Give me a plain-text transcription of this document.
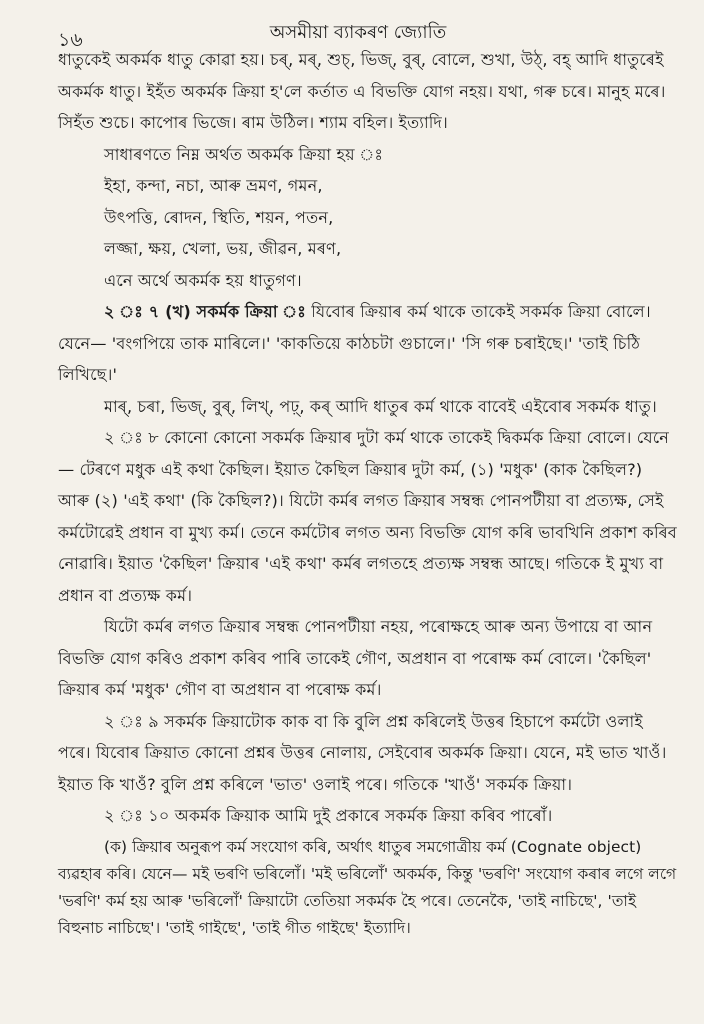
১৬	অসমীয়া ব্যাকৰণ জ্যোতি

ধাতুকেই অকৰ্মক ধাতু কোৱা হয়। চৰ্, মৰ্, শুচ্, ভিজ্, বুৰ্, বোলে, শুখা, উঠ্, বহ্ আদি ধাতুৰেই অকৰ্মক ধাতু। ইহঁত অকৰ্মক ক্ৰিয়া হ'লে কৰ্তাত এ বিভক্তি যোগ নহয়। যথা, গৰু চৰে। মানুহ মৰে। সিহঁত শুচে। কাপোৰ ভিজে। ৰাম উঠিল। শ্যাম বহিল। ইত্যাদি।

সাধাৰণতে নিম্ন অৰ্থত অকৰ্মক ক্ৰিয়া হয় ঃ
ইহা, কন্দা, নচা, আৰু ভ্ৰমণ, গমন,
উৎপত্তি, ৰোদন, স্থিতি, শয়ন, পতন,
লজ্জা, ক্ষয়, খেলা, ভয়, জীৱন, মৰণ,
এনে অৰ্থে অকৰ্মক হয় ধাতুগণ।

২ ঃ ৭ (খ) সকৰ্মক ক্ৰিয়া ঃ যিবোৰ ক্ৰিয়াৰ কৰ্ম থাকে তাকেই সকৰ্মক ক্ৰিয়া বোলে। যেনে— 'বংগপিয়ে তাক মাৰিলে।' 'কাকতিয়ে কাঠচটা গুচালে।' 'সি গৰু চৰাইছে।' 'তাই চিঠি লিখিছে।'

মাৰ্, চৰা, ভিজ্, বুৰ্, লিখ্, পঢ়্, কৰ্ আদি ধাতুৰ কৰ্ম থাকে বাবেই এইবোৰ সকৰ্মক ধাতু।

২ ঃ ৮ কোনো কোনো সকৰ্মক ক্ৰিয়াৰ দুটা কৰ্ম থাকে তাকেই দ্বিকৰ্মক ক্ৰিয়া বোলে। যেনে— টেৰণে মধুক এই কথা কৈছিল। ইয়াত কৈছিল ক্ৰিয়াৰ দুটা কৰ্ম, (১) 'মধুক' (কাক কৈছিল?) আৰু (২) 'এই কথা' (কি কৈছিল?)। যিটো কৰ্মৰ লগত ক্ৰিয়াৰ সম্বন্ধ পোনপটীয়া বা প্ৰত্যক্ষ, সেই কৰ্মটোৱেই প্ৰধান বা মুখ্য কৰ্ম। তেনে কৰ্মটোৰ লগত অন্য বিভক্তি যোগ কৰি ভাবখিনি প্ৰকাশ কৰিব নোৱাৰি। ইয়াত 'কৈছিল' ক্ৰিয়াৰ 'এই কথা' কৰ্মৰ লগতহে প্ৰত্যক্ষ সম্বন্ধ আছে। গতিকে ই মুখ্য বা প্ৰধান বা প্ৰত্যক্ষ কৰ্ম।

যিটো কৰ্মৰ লগত ক্ৰিয়াৰ সম্বন্ধ পোনপটীয়া নহয়, পৰোক্ষহে আৰু অন্য উপায়ে বা আন বিভক্তি যোগ কৰিও প্ৰকাশ কৰিব পাৰি তাকেই গৌণ, অপ্ৰধান বা পৰোক্ষ কৰ্ম বোলে। 'কৈছিল' ক্ৰিয়াৰ কৰ্ম 'মধুক' গৌণ বা অপ্ৰধান বা পৰোক্ষ কৰ্ম।

২ ঃ ৯ সকৰ্মক ক্ৰিয়াটোক কাক বা কি বুলি প্ৰশ্ন কৰিলেই উত্তৰ হিচাপে কৰ্মটো ওলাই পৰে। যিবোৰ ক্ৰিয়াত কোনো প্ৰশ্নৰ উত্তৰ নোলায়, সেইবোৰ অকৰ্মক ক্ৰিয়া। যেনে, মই ভাত খাওঁ। ইয়াত কি খাওঁ? বুলি প্ৰশ্ন কৰিলে 'ভাত' ওলাই পৰে। গতিকে 'খাওঁ' সকৰ্মক ক্ৰিয়া।

২ ঃ ১০ অকৰ্মক ক্ৰিয়াক আমি দুই প্ৰকাৰে সকৰ্মক ক্ৰিয়া কৰিব পাৰোঁ।

(ক) ক্ৰিয়াৰ অনুৰূপ কৰ্ম সংযোগ কৰি, অৰ্থাৎ ধাতুৰ সমগোত্ৰীয় কৰ্ম (Cognate object) ব্যৱহাৰ কৰি। যেনে— মই ভৰণি ভৰিলোঁ। 'মই ভৰিলোঁ' অকৰ্মক, কিন্তু 'ভৰণি' সংযোগ কৰাৰ লগে লগে 'ভৰণি' কৰ্ম হয় আৰু 'ভৰিলোঁ' ক্ৰিয়াটো তেতিয়া সকৰ্মক হৈ পৰে। তেনেকৈ, 'তাই নাচিছে', 'তাই বিহুনাচ নাচিছে'। 'তাই গাইছে', 'তাই গীত গাইছে' ইত্যাদি।
